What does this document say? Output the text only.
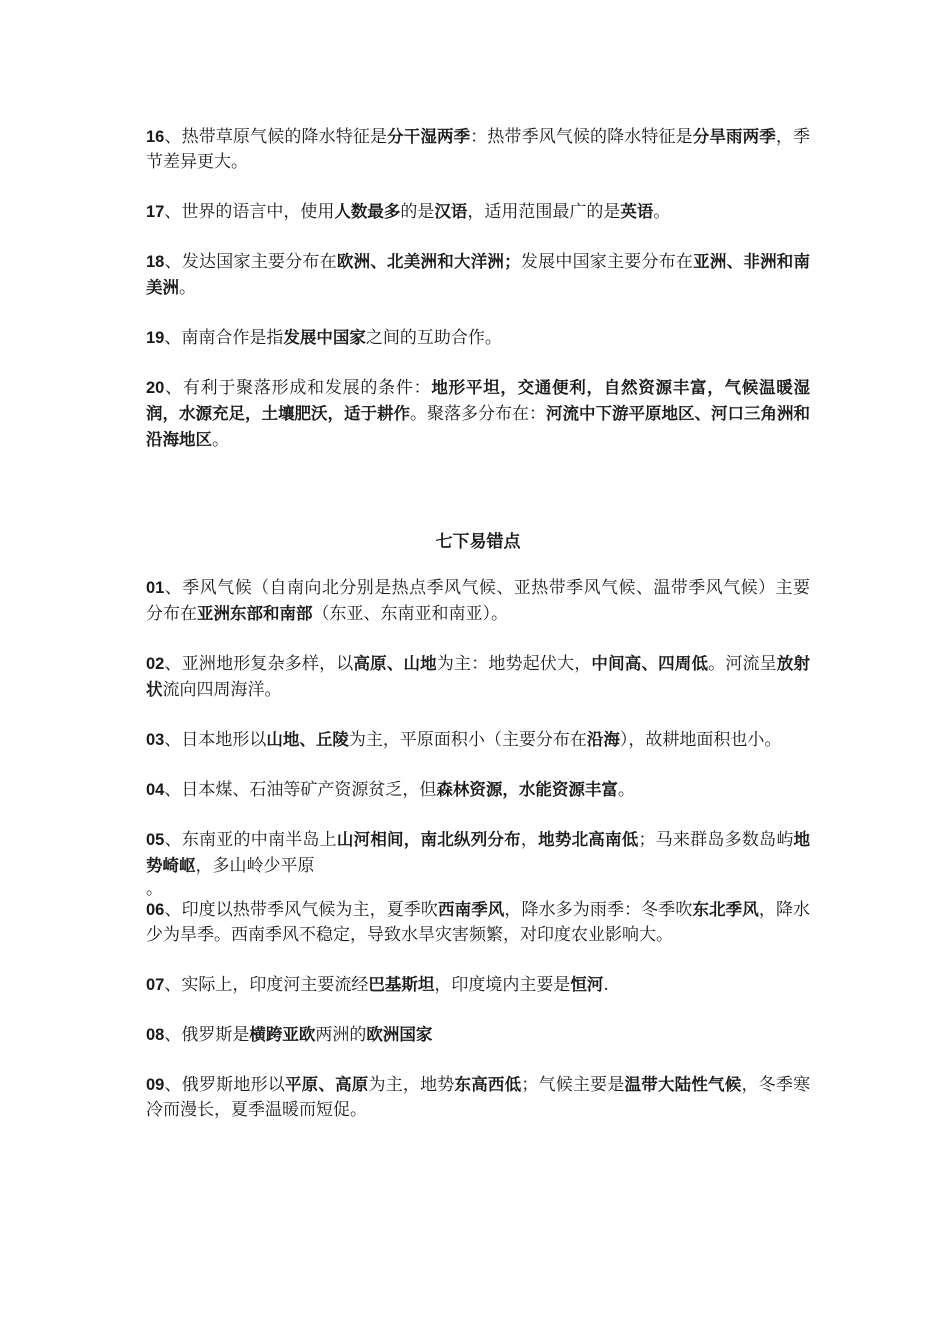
16、热带草原气候的降水特征是分干湿两季：热带季风气候的降水特征是分旱雨两季，季节差异更大。

17、世界的语言中，使用人数最多的是汉语，适用范围最广的是英语。

18、发达国家主要分布在欧洲、北美洲和大洋洲；发展中国家主要分布在亚洲、非洲和南美洲。

19、南南合作是指发展中国家之间的互助合作。

20、有利于聚落形成和发展的条件：地形平坦，交通便利，自然资源丰富，气候温暖湿润，水源充足，土壤肥沃，适于耕作。聚落多分布在：河流中下游平原地区、河口三角洲和沿海地区。

七下易错点

01、季风气候（自南向北分别是热点季风气候、亚热带季风气候、温带季风气候）主要分布在亚洲东部和南部（东亚、东南亚和南亚）。

02、亚洲地形复杂多样，以高原、山地为主：地势起伏大，中间高、四周低。河流呈放射状流向四周海洋。

03、日本地形以山地、丘陵为主，平原面积小（主要分布在沿海），故耕地面积也小。

04、日本煤、石油等矿产资源贫乏，但森林资源，水能资源丰富。

05、东南亚的中南半岛上山河相间，南北纵列分布，地势北高南低；马来群岛多数岛屿地势崎岖，多山岭少平原

。

06、印度以热带季风气候为主，夏季吹西南季风，降水多为雨季：冬季吹东北季风，降水少为旱季。西南季风不稳定，导致水旱灾害频繁，对印度农业影响大。

07、实际上，印度河主要流经巴基斯坦，印度境内主要是恒河.

08、俄罗斯是横跨亚欧两洲的欧洲国家

09、俄罗斯地形以平原、高原为主，地势东高西低；气候主要是温带大陆性气候，冬季寒冷而漫长，夏季温暖而短促。
